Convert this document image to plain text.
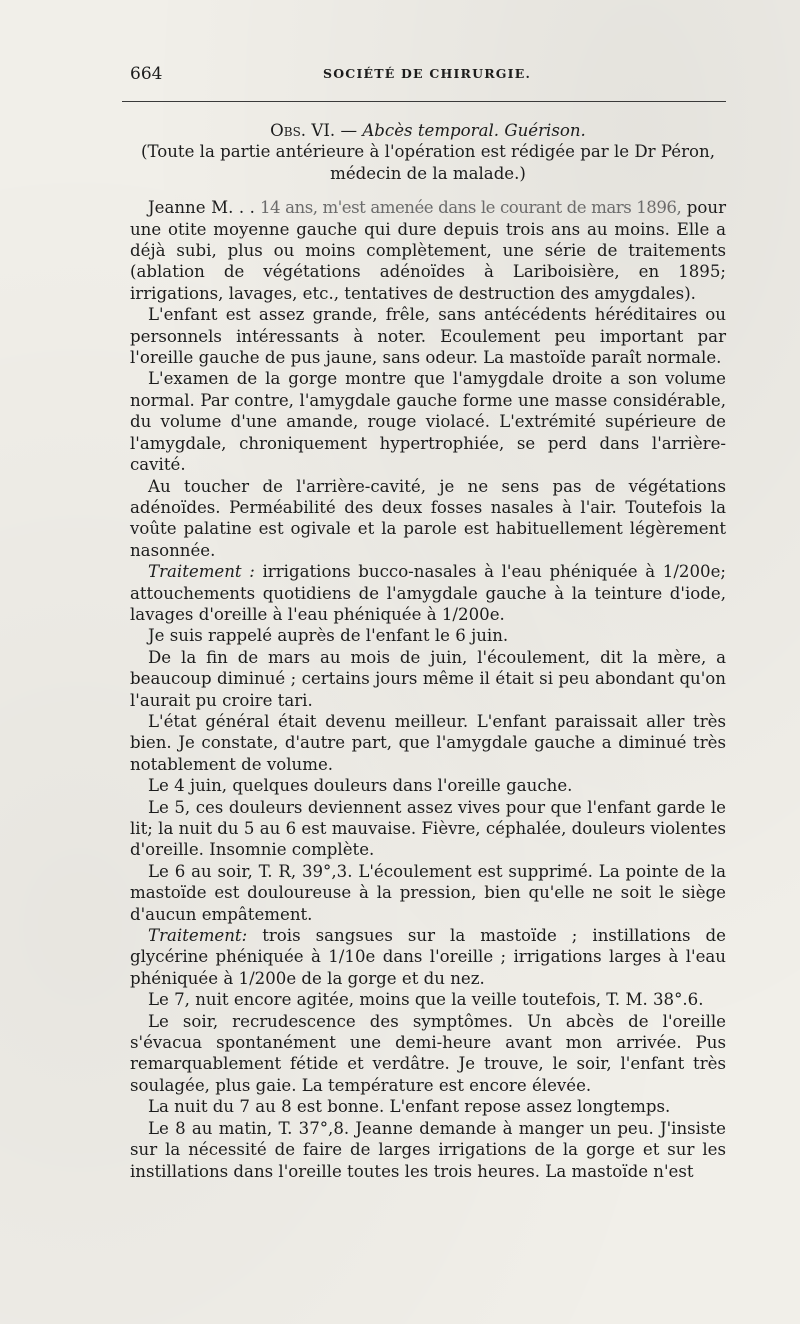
664	SOCIÉTÉ DE CHIRURGIE.

Obs. VI. — Abcès temporal. Guérison.

(Toute la partie antérieure à l'opération est rédigée par le Dr Péron, médecin de la malade.)

Jeanne M. . . 14 ans, m'est amenée dans le courant de mars 1896, pour une otite moyenne gauche qui dure depuis trois ans au moins. Elle a déjà subi, plus ou moins complètement, une série de traitements (ablation de végétations adénoïdes à Lariboisière, en 1895; irrigations, lavages, etc., tentatives de destruction des amygdales).

L'enfant est assez grande, frêle, sans antécédents héréditaires ou personnels intéressants à noter. Ecoulement peu important par l'oreille gauche de pus jaune, sans odeur. La mastoïde paraît normale.

L'examen de la gorge montre que l'amygdale droite a son volume normal. Par contre, l'amygdale gauche forme une masse considérable, du volume d'une amande, rouge violacé. L'extrémité supérieure de l'amygdale, chroniquement hypertrophiée, se perd dans l'arrière-cavité.

Au toucher de l'arrière-cavité, je ne sens pas de végétations adénoïdes. Perméabilité des deux fosses nasales à l'air. Toutefois la voûte palatine est ogivale et la parole est habituellement légèrement nasonnée.

Traitement : irrigations bucco-nasales à l'eau phéniquée à 1/200e; attouchements quotidiens de l'amygdale gauche à la teinture d'iode, lavages d'oreille à l'eau phéniquée à 1/200e.

Je suis rappelé auprès de l'enfant le 6 juin.

De la fin de mars au mois de juin, l'écoulement, dit la mère, a beaucoup diminué ; certains jours même il était si peu abondant qu'on l'aurait pu croire tari.

L'état général était devenu meilleur. L'enfant paraissait aller très bien. Je constate, d'autre part, que l'amygdale gauche a diminué très notablement de volume.

Le 4 juin, quelques douleurs dans l'oreille gauche.

Le 5, ces douleurs deviennent assez vives pour que l'enfant garde le lit; la nuit du 5 au 6 est mauvaise. Fièvre, céphalée, douleurs violentes d'oreille. Insomnie complète.

Le 6 au soir, T. R, 39°,3. L'écoulement est supprimé. La pointe de la mastoïde est douloureuse à la pression, bien qu'elle ne soit le siège d'aucun empâtement.

Traitement: trois sangsues sur la mastoïde ; instillations de glycérine phéniquée à 1/10e dans l'oreille ; irrigations larges à l'eau phéniquée à 1/200e de la gorge et du nez.

Le 7, nuit encore agitée, moins que la veille toutefois, T. M. 38°.6.

Le soir, recrudescence des symptômes. Un abcès de l'oreille s'évacua spontanément une demi-heure avant mon arrivée. Pus remarquablement fétide et verdâtre. Je trouve, le soir, l'enfant très soulagée, plus gaie. La température est encore élevée.

La nuit du 7 au 8 est bonne. L'enfant repose assez longtemps.

Le 8 au matin, T. 37°,8. Jeanne demande à manger un peu. J'insiste sur la nécessité de faire de larges irrigations de la gorge et sur les instillations dans l'oreille toutes les trois heures. La mastoïde n'est
